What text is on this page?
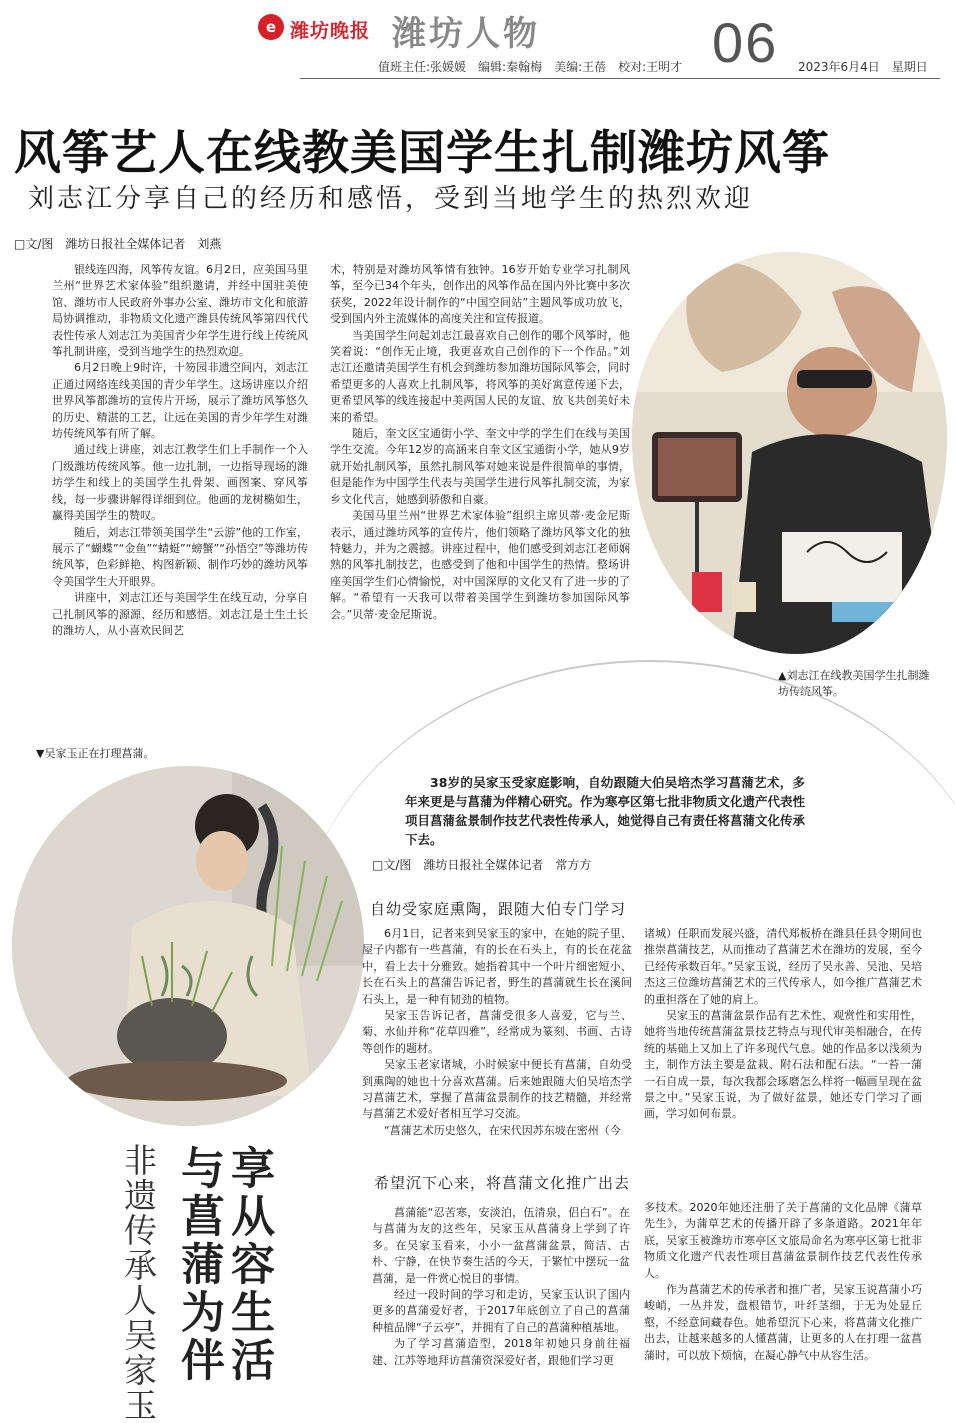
e 潍坊晚报 潍坊人物	06
值班主任:张媛媛　编辑:秦翰梅　美编:王蓓　校对:王明才	2023年6月4日　星期日
风筝艺人在线教美国学生扎制潍坊风筝
刘志江分享自己的经历和感悟，受到当地学生的热烈欢迎
□文/图　潍坊日报社全媒体记者　刘燕

银线连四海，风筝传友谊。6月2日，应美国马里兰州“世界艺术家体验”组织邀请，并经中国驻美使馆、潍坊市人民政府外事办公室、潍坊市文化和旅游局协调推动，非物质文化遗产潍县传统风筝第四代代表性传承人刘志江为美国青少年学生进行线上传统风筝扎制讲座，受到当地学生的热烈欢迎。

6月2日晚上9时许，十笏园非遗空间内，刘志江正通过网络连线美国的青少年学生。这场讲座以介绍世界风筝都潍坊的宣传片开场，展示了潍坊风筝悠久的历史、精湛的工艺，让远在美国的青少年学生对潍坊传统风筝有所了解。

通过线上讲座，刘志江教学生们上手制作一个入门级潍坊传统风筝。他一边扎制，一边指导现场的潍坊学生和线上的美国学生扎骨架、画图案、穿风筝线，每一步骤讲解得详细到位。他画的龙树椭如生，赢得美国学生的赞叹。

随后，刘志江带领美国学生“云游”他的工作室，展示了“蝴蝶”“金鱼”“蜻蜓”“螃蟹”“孙悟空”等潍坊传统风筝，色彩鲜艳、构图新颖、制作巧妙的潍坊风筝令美国学生大开眼界。

讲座中，刘志江还与美国学生在线互动，分享自己扎制风筝的源源、经历和感悟。刘志江是土生土长的潍坊人，从小喜欢民间艺

术，特别是对潍坊风筝情有独钟。16岁开始专业学习扎制风筝，至今已34个年头，创作出的风筝作品在国内外比赛中多次获奖，2022年设计制作的“中国空间站”主题风筝成功放飞，受到国内外主流媒体的高度关注和宣传报道。

当美国学生问起刘志江最喜欢自己创作的哪个风筝时，他笑着说：“创作无止境，我更喜欢自己创作的下一个作品。”刘志江还邀请美国学生有机会到潍坊参加潍坊国际风筝会，同时希望更多的人喜欢上扎制风筝，将风筝的美好寓意传递下去，更希望风筝的线连接起中美两国人民的友谊、放飞共创美好未来的希望。

随后，奎文区宝通街小学、奎文中学的学生们在线与美国学生交流。今年12岁的高涵来自奎文区宝通街小学，她从9岁就开始扎制风筝，虽然扎制风筝对她来说是件很简单的事情，但是能作为中国学生代表与美国学生进行风筝扎制交流，为家乡文化代言，她感到骄傲和自豪。

美国马里兰州“世界艺术家体验”组织主席贝蒂·麦金尼斯表示，通过潍坊风筝的宣传片，他们领略了潍坊风筝文化的独特魅力，并为之震撼。讲座过程中，他们感受到刘志江老师娴熟的风筝扎制技艺，也感受到了他和中国学生的热情。整场讲座美国学生们心情愉悦，对中国深厚的文化又有了进一步的了解。“希望有一天我可以带着美国学生到潍坊参加国际风筝会。”贝蒂·麦金尼斯说。

▲刘志江在线教美国学生扎制潍坊传统风筝。
▼吴家玉正在打理菖蒲。
38岁的吴家玉受家庭影响，自幼跟随大伯吴培杰学习菖蒲艺术，多年来更是与菖蒲为伴精心研究。作为寒亭区第七批非物质文化遗产代表性项目菖蒲盆景制作技艺代表性传承人，她觉得自己有责任将菖蒲文化传承下去。
□文/图　潍坊日报社全媒体记者　常方方
自幼受家庭熏陶，跟随大伯专门学习

6月1日，记者来到吴家玉的家中，在她的院子里、屋子内都有一些菖蒲，有的长在石头上，有的长在花盆中，看上去十分雅致。她指着其中一个叶片细密短小、长在石头上的菖蒲告诉记者，野生的菖蒲就生长在溪间石头上，是一种有韧劲的植物。

吴家玉告诉记者，菖蒲受很多人喜爱，它与兰、菊、水仙并称“花草四雅”，经常成为篆刻、书画、古诗等创作的题材。

吴家玉老家诸城，小时候家中便长有菖蒲，自幼受到熏陶的她也十分喜欢菖蒲。后来她跟随大伯吴培杰学习菖蒲艺术，掌握了菖蒲盆景制作的技艺精髓，并经常与菖蒲艺术爱好者相互学习交流。

“菖蒲艺术历史悠久，在宋代因苏东坡在密州（今

诸城）任职而发展兴盛，清代郑板桥在潍县任县令期间也推崇菖蒲技艺，从而推动了菖蒲艺术在潍坊的发展，至今已经传承数百年。”吴家玉说，经历了吴永善、吴池、吴培杰这三位潍坊菖蒲艺术的三代传承人，如今推广菖蒲艺术的重担落在了她的肩上。

吴家玉的菖蒲盆景作品有艺术性、观赏性和实用性，她将当地传统菖蒲盆景技艺特点与现代审美相融合，在传统的基础上又加上了许多现代气息。她的作品多以浅须为主，制作方法主要是盆栽、附石法和配石法。“一苔一蒲一石自成一景，每次我都会琢磨怎么样将一幅画呈现在盆景之中。”吴家玉说，为了做好盆景，她还专门学习了画画，学习如何布景。

希望沉下心来，将菖蒲文化推广出去

菖蒲能“忍苦寒，安淡泊，伍清泉，侣白石”。在与菖蒲为友的这些年，吴家玉从菖蒲身上学到了许多。在吴家玉看来，小小一盆菖蒲盆景，简洁、古朴、宁静，在快节奏生活的今天，于繁忙中摆玩一盆菖蒲，是一件赏心悦目的事情。

经过一段时间的学习和走访，吴家玉认识了国内更多的菖蒲爱好者，于2017年底创立了自己的菖蒲种植品牌“子云亭”，并拥有了自己的菖蒲种植基地。

为了学习菖蒲造型，2018年初她只身前往福建、江苏等地拜访菖蒲资深爱好者，跟他们学习更

多技术。2020年她还注册了关于菖蒲的文化品牌《蒲草先生》，为蒲草艺术的传播开辟了多条道路。2021年年底，吴家玉被潍坊市寒亭区文旅局命名为寒亭区第七批非物质文化遗产代表性项目菖蒲盆景制作技艺代表性传承人。

作为菖蒲艺术的传承者和推广者，吴家玉说菖蒲小巧峻峭，一丛并发，盘根错节，叶纤茎细，于无为处显丘壑，不经意间藏春色。她希望沉下心来，将菖蒲文化推广出去，让越来越多的人懂菖蒲，让更多的人在打理一盆菖蒲时，可以放下烦恼，在凝心静气中从容生活。

享从容生活
与菖蒲为伴
非遗传承人吴家玉
